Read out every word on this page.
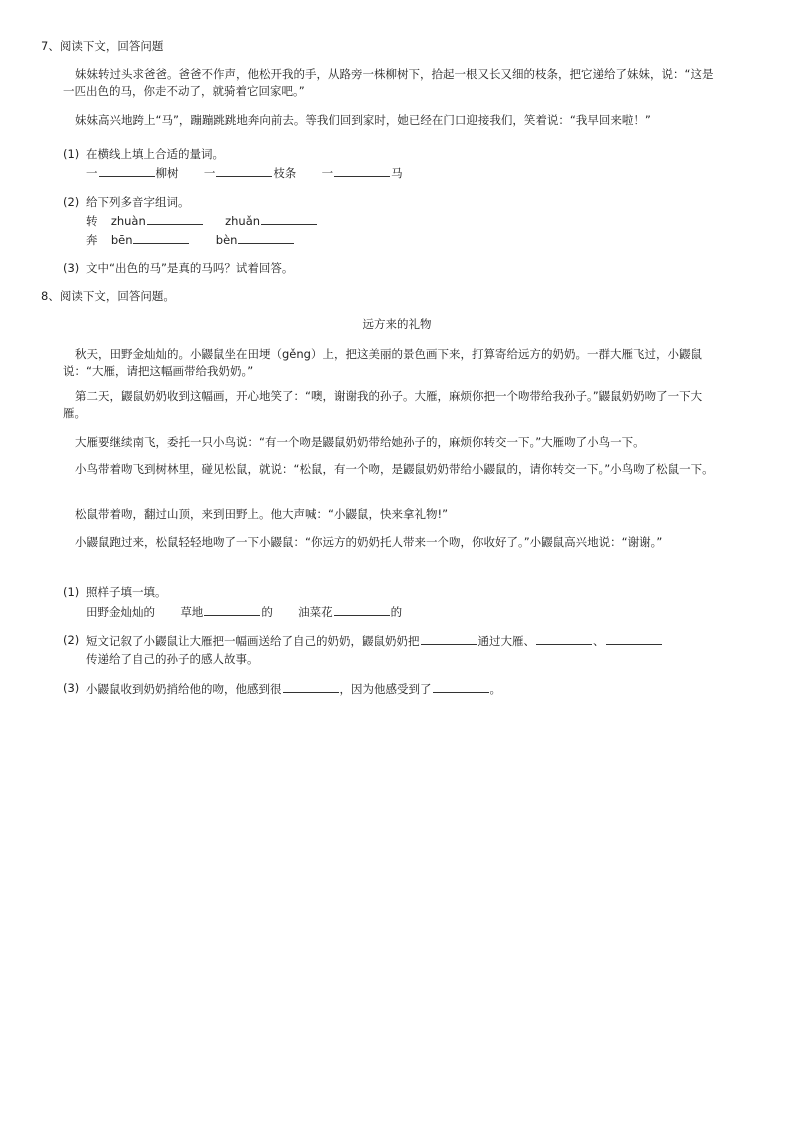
7、阅读下文，回答问题
妹妹转过头求爸爸。爸爸不作声，他松开我的手，从路旁一株柳树下，拾起一根又长又细的枝条，把它递给了妹妹，说：“这是一匹出色的马，你走不动了，就骑着它回家吧。”
妹妹高兴地跨上“马”，蹦蹦跳跳地奔向前去。等我们回到家时，她已经在门口迎接我们，笑着说：“我早回来啦！”
(1) 在横线上填上合适的量词。
一	柳树 一	枝条 一	马
(2) 给下列多音字组词。
转 zhuàn	zhuǎn
奔 bēn	bèn
(3) 文中“出色的马”是真的马吗？试着回答。
8、阅读下文，回答问题。
远方来的礼物
秋天，田野金灿灿的。小鼹鼠坐在田埂（gěng）上，把这美丽的景色画下来，打算寄给远方的奶奶。一群大雁飞过，小鼹鼠说：“大雁，请把这幅画带给我奶奶。”
第二天，鼹鼠奶奶收到这幅画，开心地笑了：“噢，谢谢我的孙子。大雁，麻烦你把一个吻带给我孙子。”鼹鼠奶奶吻了一下大雁。
大雁要继续南飞，委托一只小鸟说：“有一个吻是鼹鼠奶奶带给她孙子的，麻烦你转交一下。”大雁吻了小鸟一下。
小鸟带着吻飞到树林里，碰见松鼠，就说：“松鼠，有一个吻，是鼹鼠奶奶带给小鼹鼠的，请你转交一下。”小鸟吻了松鼠一下。
松鼠带着吻，翻过山顶，来到田野上。他大声喊：“小鼹鼠，快来拿礼物!”
小鼹鼠跑过来，松鼠轻轻地吻了一下小鼹鼠：“你远方的奶奶托人带来一个吻，你收好了。”小鼹鼠高兴地说：“谢谢。”
(1) 照样子填一填。
田野金灿灿的 草地	的 油菜花	的
(2) 短文记叙了小鼹鼠让大雁把一幅画送给了自己的奶奶，鼹鼠奶奶把	通过大雁、	、
传递给了自己的孙子的感人故事。
(3) 小鼹鼠收到奶奶捎给他的吻，他感到很	，因为他感受到了	。
